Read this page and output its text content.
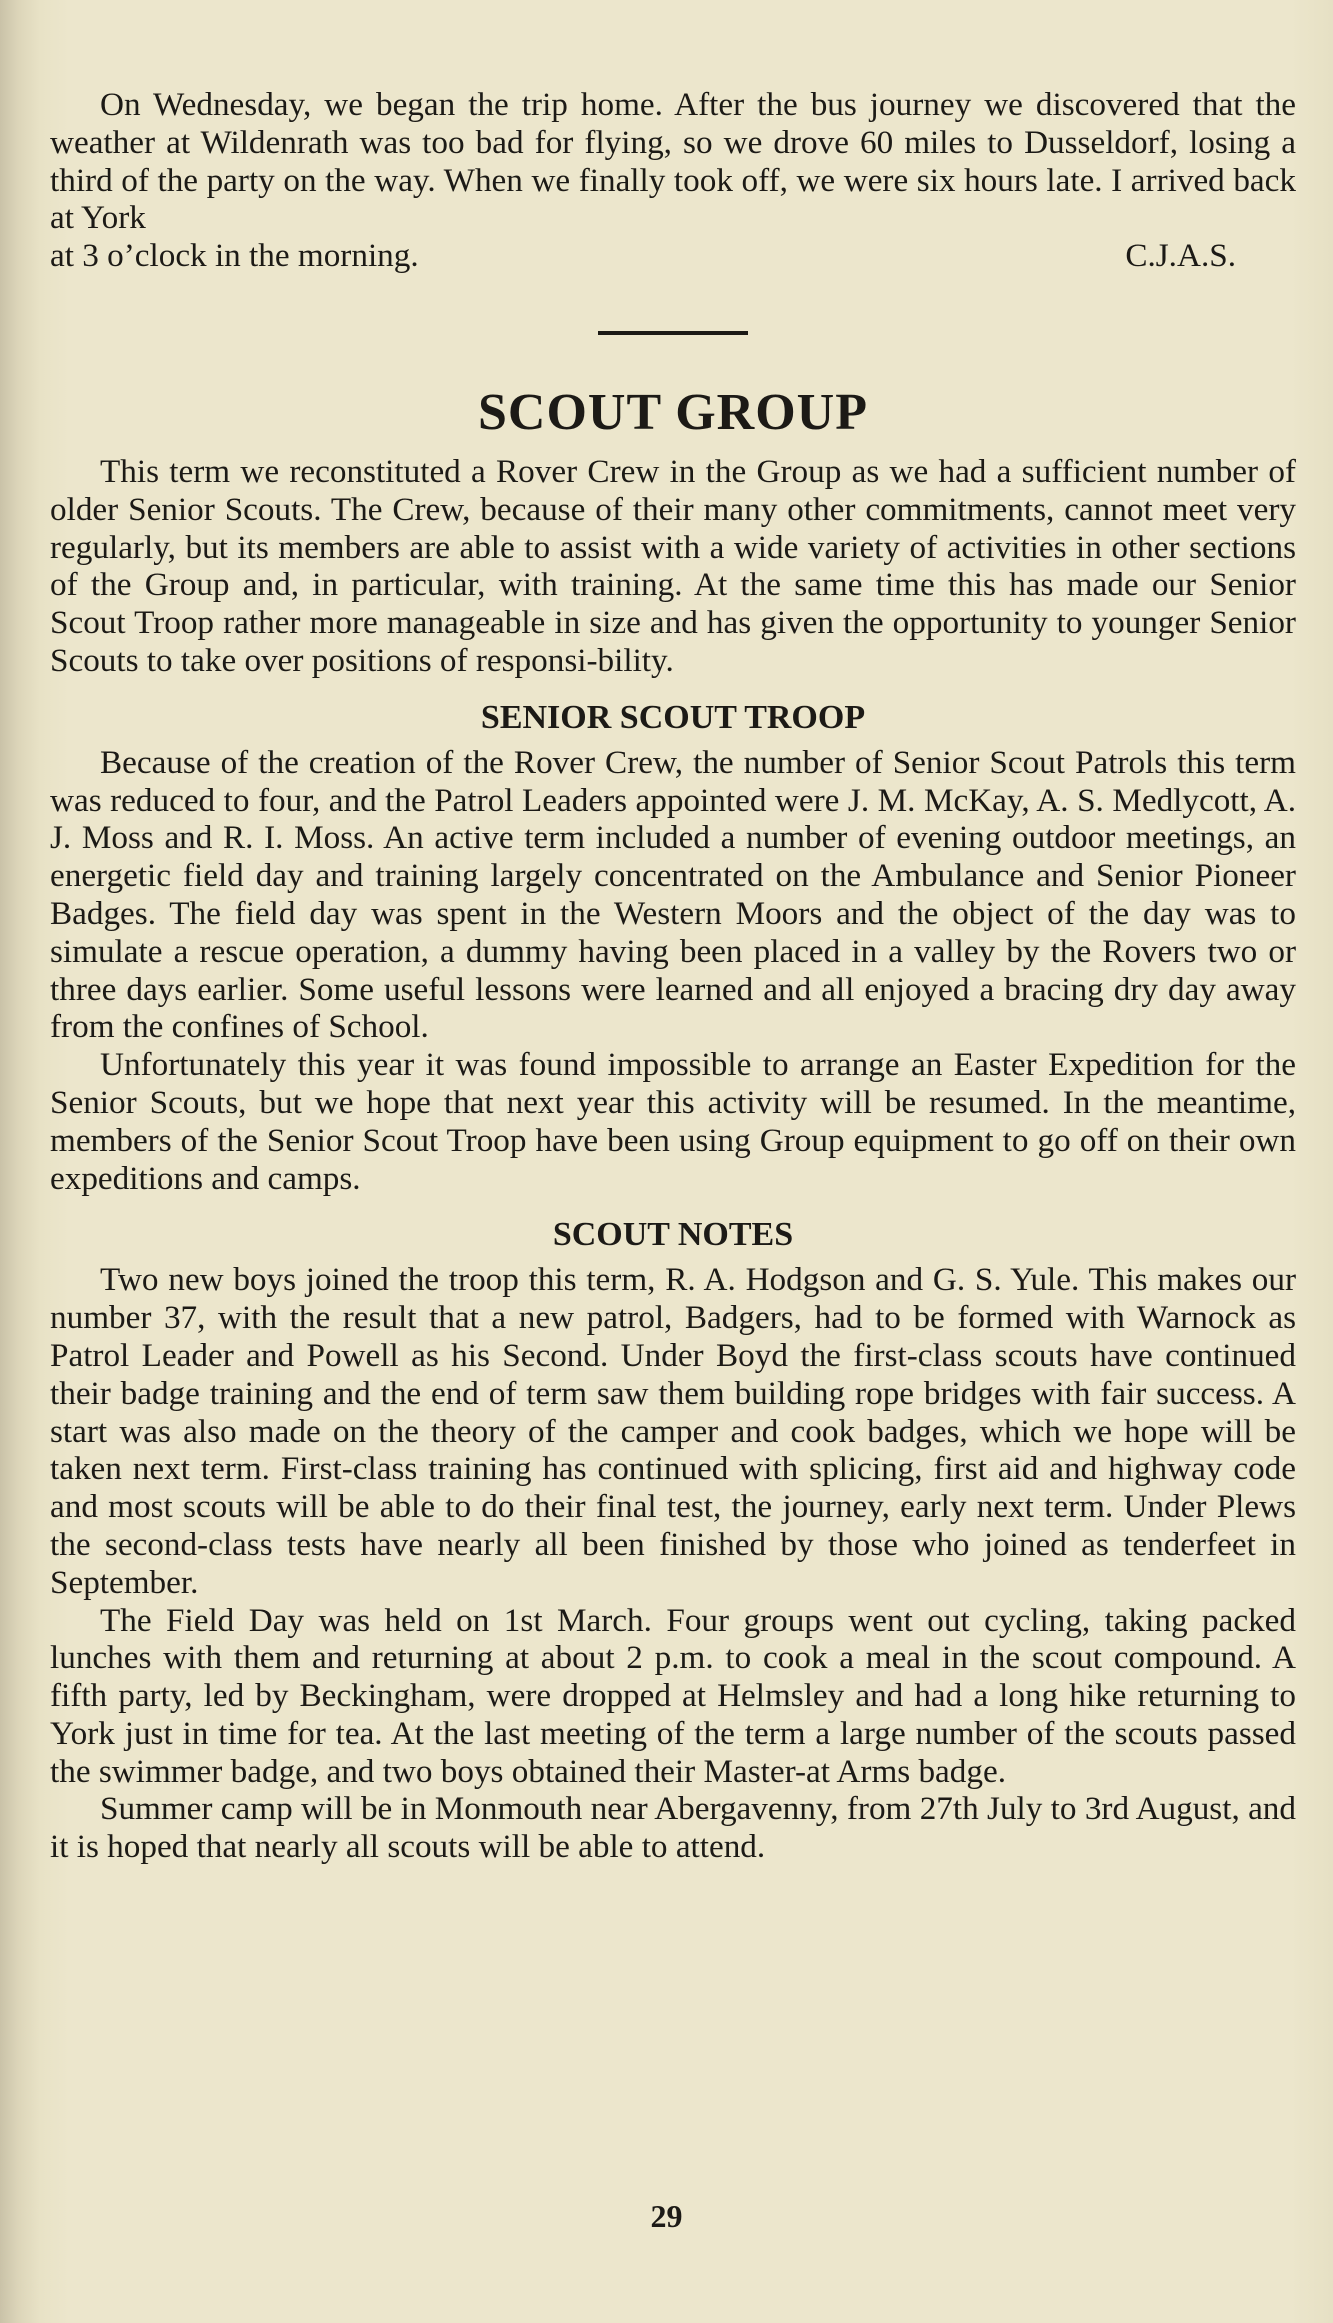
On Wednesday, we began the trip home. After the bus journey we discovered that the weather at Wildenrath was too bad for flying, so we drove 60 miles to Dusseldorf, losing a third of the party on the way. When we finally took off, we were six hours late. I arrived back at York

at 3 o’clock in the morning.	C.J.A.S.
SCOUT GROUP

This term we reconstituted a Rover Crew in the Group as we had a sufficient number of older Senior Scouts. The Crew, because of their many other commitments, cannot meet very regularly, but its members are able to assist with a wide variety of activities in other sections of the Group and, in particular, with training. At the same time this has made our Senior Scout Troop rather more manageable in size and has given the opportunity to younger Senior Scouts to take over positions of responsi-bility.

SENIOR SCOUT TROOP

Because of the creation of the Rover Crew, the number of Senior Scout Patrols this term was reduced to four, and the Patrol Leaders appointed were J. M. McKay, A. S. Medlycott, A. J. Moss and R. I. Moss. An active term included a number of evening outdoor meetings, an energetic field day and training largely concentrated on the Ambulance and Senior Pioneer Badges. The field day was spent in the Western Moors and the object of the day was to simulate a rescue operation, a dummy having been placed in a valley by the Rovers two or three days earlier. Some useful lessons were learned and all enjoyed a bracing dry day away from the confines of School.

Unfortunately this year it was found impossible to arrange an Easter Expedition for the Senior Scouts, but we hope that next year this activity will be resumed. In the meantime, members of the Senior Scout Troop have been using Group equipment to go off on their own expeditions and camps.

SCOUT NOTES

Two new boys joined the troop this term, R. A. Hodgson and G. S. Yule. This makes our number 37, with the result that a new patrol, Badgers, had to be formed with Warnock as Patrol Leader and Powell as his Second. Under Boyd the first-class scouts have continued their badge training and the end of term saw them building rope bridges with fair success. A start was also made on the theory of the camper and cook badges, which we hope will be taken next term. First-class training has continued with splicing, first aid and highway code and most scouts will be able to do their final test, the journey, early next term. Under Plews the second-class tests have nearly all been finished by those who joined as tenderfeet in September.

The Field Day was held on 1st March. Four groups went out cycling, taking packed lunches with them and returning at about 2 p.m. to cook a meal in the scout compound. A fifth party, led by Beckingham, were dropped at Helmsley and had a long hike returning to York just in time for tea. At the last meeting of the term a large number of the scouts passed the swimmer badge, and two boys obtained their Master-at Arms badge.

Summer camp will be in Monmouth near Abergavenny, from 27th July to 3rd August, and it is hoped that nearly all scouts will be able to attend.

29
